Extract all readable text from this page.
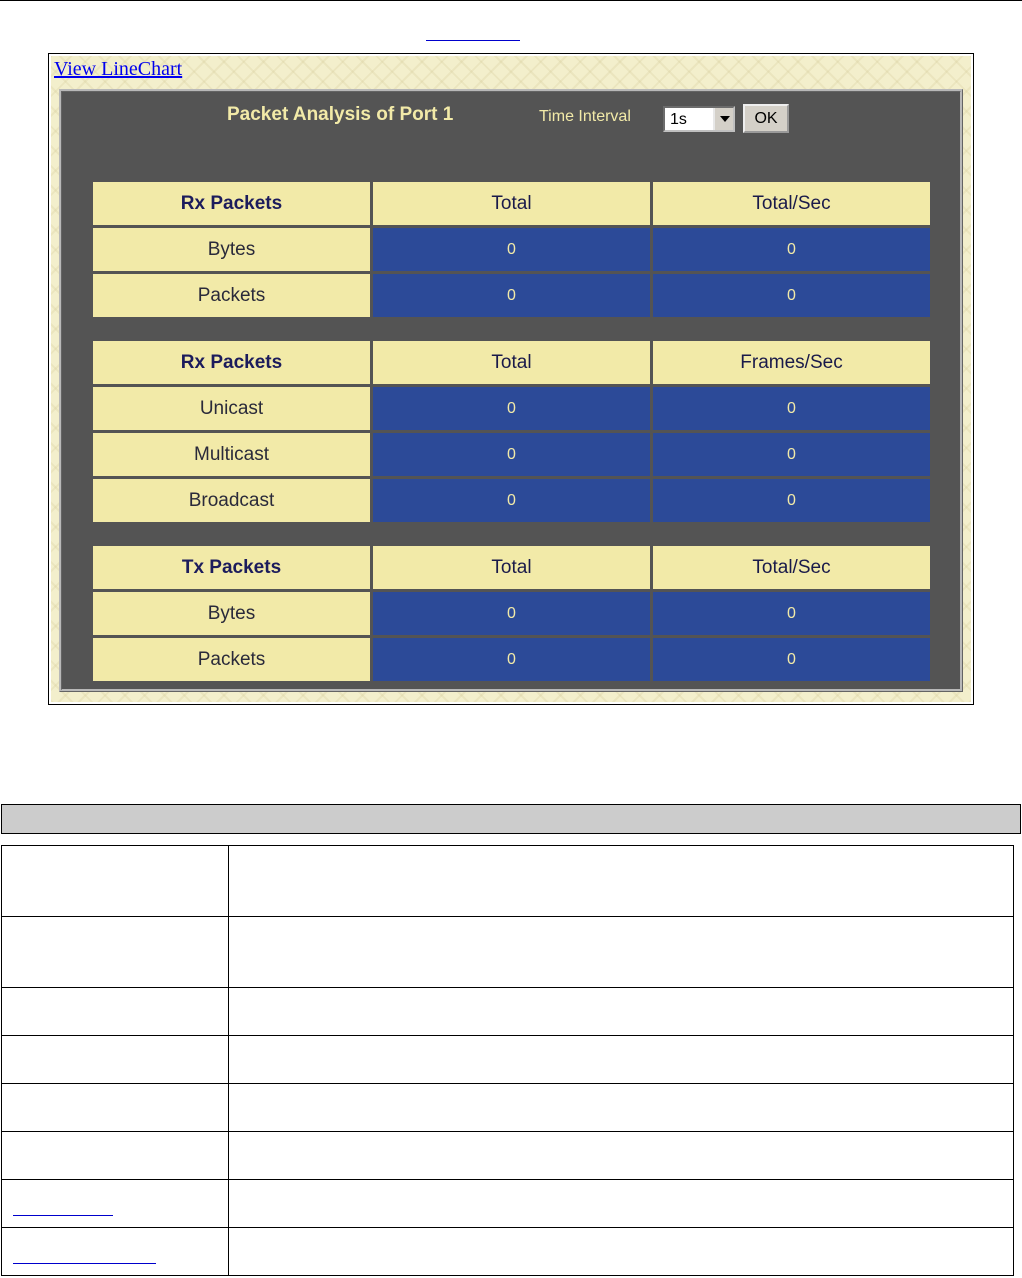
View LineChart
Packet Analysis of Port 1	Time Interval 1s	OK
Rx Packets	Total	Total/Sec
Bytes	0	0
Packets	0	0
Rx Packets	Total	Frames/Sec
Unicast	0	0
Multicast	0	0
Broadcast	0	0
Tx Packets	Total	Total/Sec
Bytes	0	0
Packets	0	0
